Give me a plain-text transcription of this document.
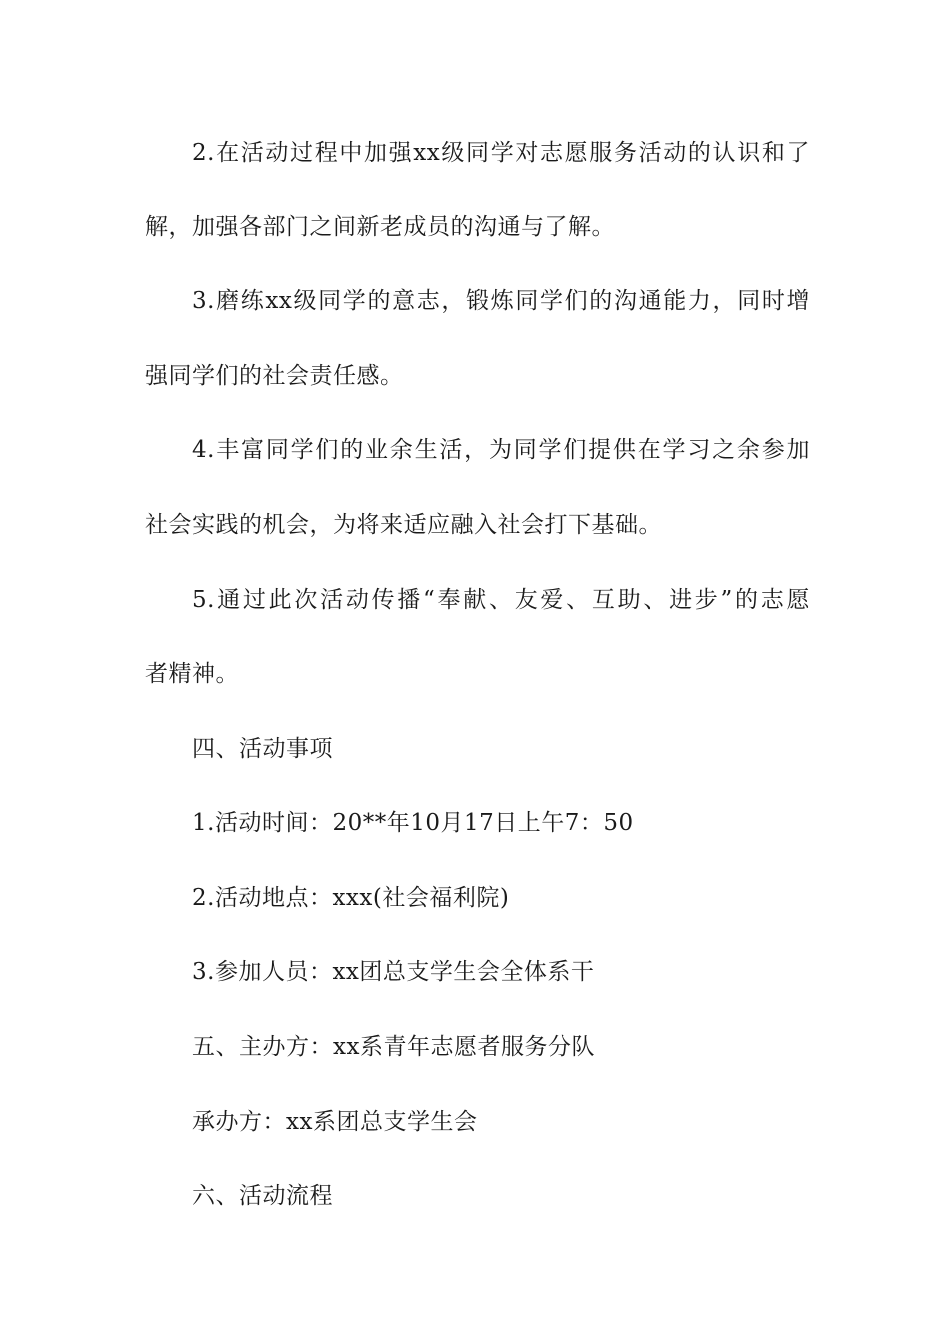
2.在活动过程中加强xx级同学对志愿服务活动的认识和了
解，加强各部门之间新老成员的沟通与了解。
3.磨练xx级同学的意志，锻炼同学们的沟通能力，同时增
强同学们的社会责任感。
4.丰富同学们的业余生活，为同学们提供在学习之余参加
社会实践的机会，为将来适应融入社会打下基础。
5.通过此次活动传播“奉献、友爱、互助、进步”的志愿
者精神。
四、活动事项
1.活动时间：20**年10月17日上午7：50
2.活动地点：xxx(社会福利院)
3.参加人员：xx团总支学生会全体系干
五、主办方：xx系青年志愿者服务分队
承办方：xx系团总支学生会
六、活动流程
